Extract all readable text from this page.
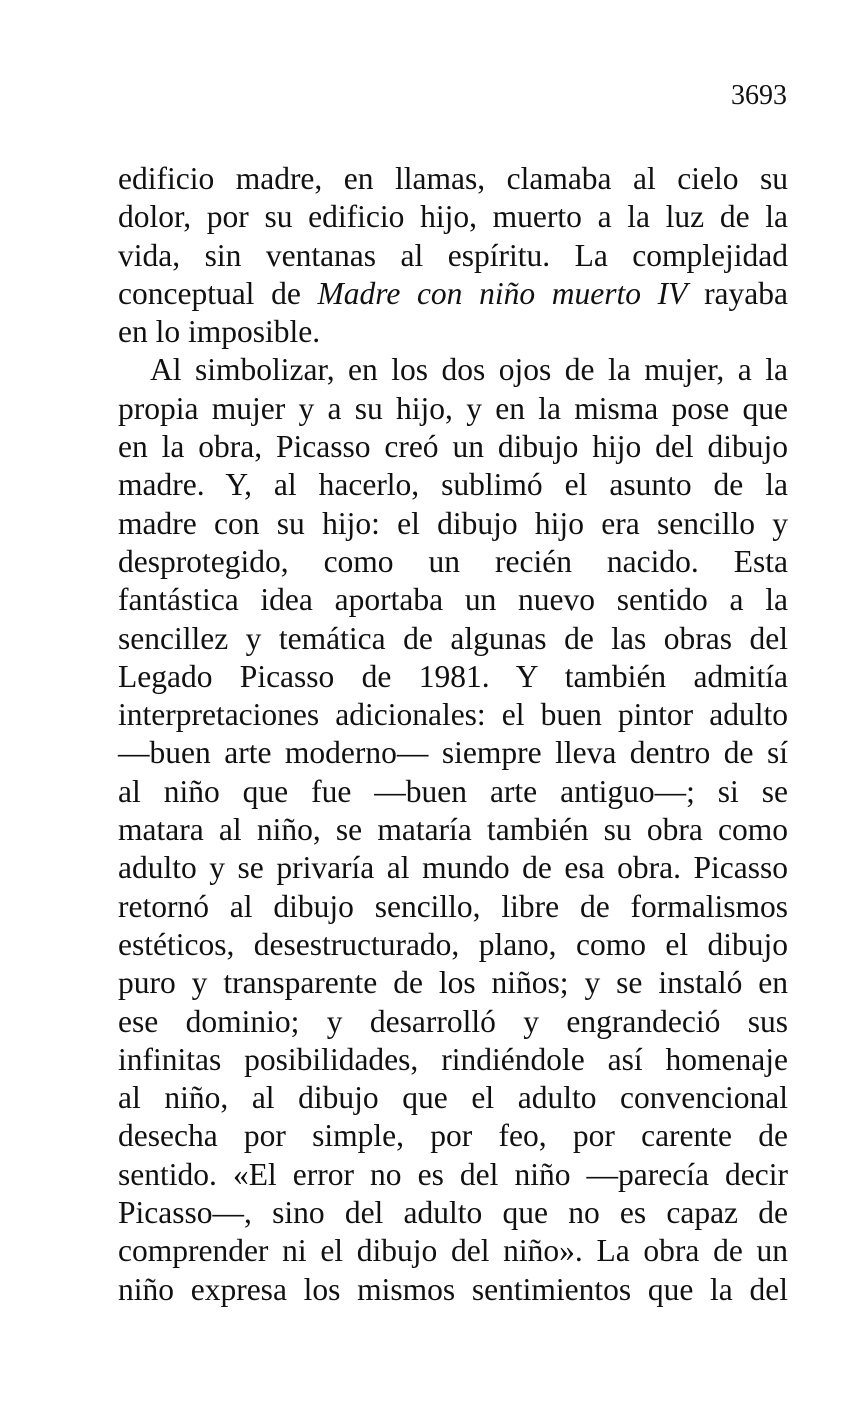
3693
edificio madre, en llamas, clamaba al cielo su
dolor, por su edificio hijo, muerto a la luz de la
vida, sin ventanas al espíritu. La complejidad
conceptual de Madre con niño muerto IV rayaba
en lo imposible.
Al simbolizar, en los dos ojos de la mujer, a la
propia mujer y a su hijo, y en la misma pose que
en la obra, Picasso creó un dibujo hijo del dibujo
madre. Y, al hacerlo, sublimó el asunto de la
madre con su hijo: el dibujo hijo era sencillo y
desprotegido, como un recién nacido. Esta
fantástica idea aportaba un nuevo sentido a la
sencillez y temática de algunas de las obras del
Legado Picasso de 1981. Y también admitía
interpretaciones adicionales: el buen pintor adulto
—buen arte moderno— siempre lleva dentro de sí
al niño que fue —buen arte antiguo—; si se
matara al niño, se mataría también su obra como
adulto y se privaría al mundo de esa obra. Picasso
retornó al dibujo sencillo, libre de formalismos
estéticos, desestructurado, plano, como el dibujo
puro y transparente de los niños; y se instaló en
ese dominio; y desarrolló y engrandeció sus
infinitas posibilidades, rindiéndole así homenaje
al niño, al dibujo que el adulto convencional
desecha por simple, por feo, por carente de
sentido. «El error no es del niño —parecía decir
Picasso—, sino del adulto que no es capaz de
comprender ni el dibujo del niño». La obra de un
niño expresa los mismos sentimientos que la del
